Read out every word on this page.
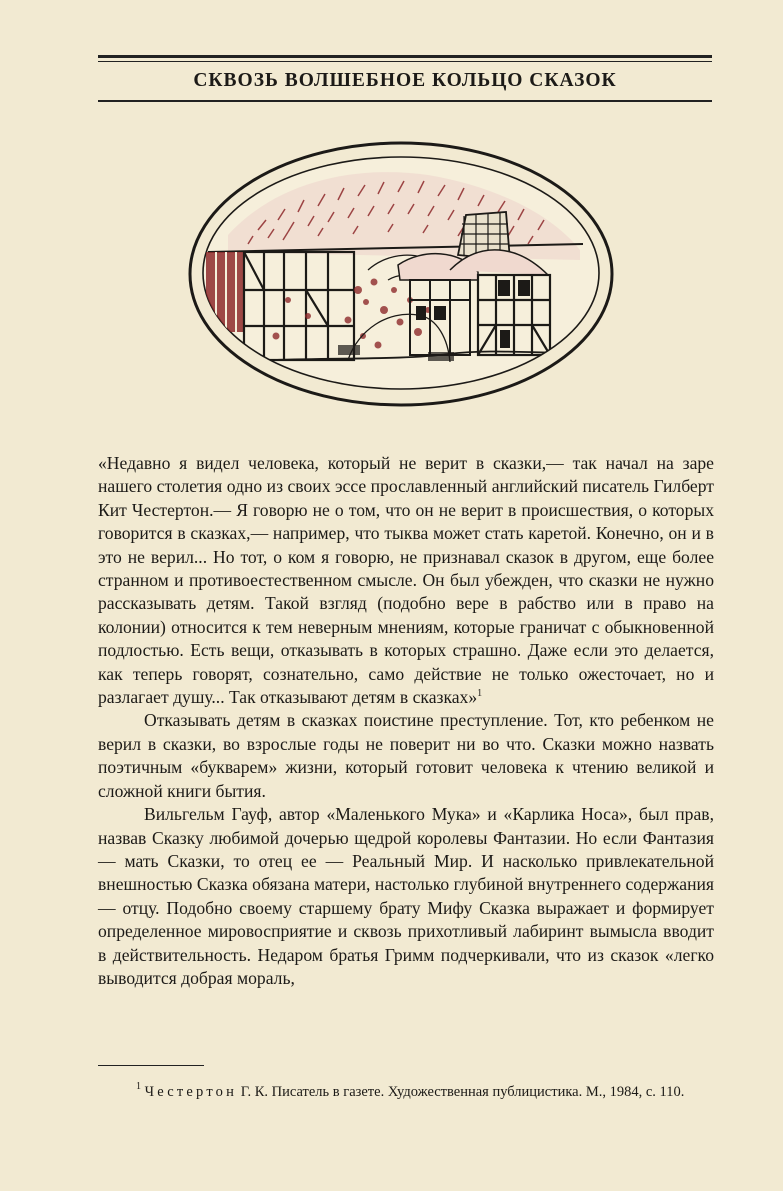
СКВОЗЬ ВОЛШЕБНОЕ КОЛЬЦО СКАЗОК

«Недавно я видел человека, который не верит в сказки,— так начал на заре нашего столетия одно из своих эссе прославленный английский писатель Гилберт Кит Честертон.— Я говорю не о том, что он не верит в происшествия, о которых говорится в сказках,— например, что тыква может стать каретой. Конечно, он и в это не верил... Но тот, о ком я говорю, не признавал сказок в другом, еще более странном и противоестественном смысле. Он был убежден, что сказки не нужно рассказывать детям. Такой взгляд (подобно вере в рабство или в право на колонии) относится к тем неверным мнениям, которые граничат с обыкновенной подлостью. Есть вещи, отказывать в которых страшно. Даже если это делается, как теперь говорят, сознательно, само действие не только ожесточает, но и разлагает душу... Так отказывают детям в сказках»$^1$

Отказывать детям в сказках поистине преступление. Тот, кто ребенком не верил в сказки, во взрослые годы не поверит ни во что. Сказки можно назвать поэтичным «букварем» жизни, который готовит человека к чтению великой и сложной книги бытия.

Вильгельм Гауф, автор «Маленького Мука» и «Карлика Носа», был прав, назвав Сказку любимой дочерью щедрой королевы Фантазии. Но если Фантазия — мать Сказки, то отец ее — Реальный Мир. И насколько привлекательной внешностью Сказка обязана матери, настолько глубиной внутреннего содержания — отцу. Подобно своему старшему брату Мифу Сказка выражает и формирует определенное мировосприятие и сквозь прихотливый лабиринт вымысла вводит в действительность. Недаром братья Гримм подчеркивали, что из сказок «легко выводится добрая мораль,

$^1$ Честертон Г. К. Писатель в газете. Художественная публицистика. М., 1984, с. 110.
